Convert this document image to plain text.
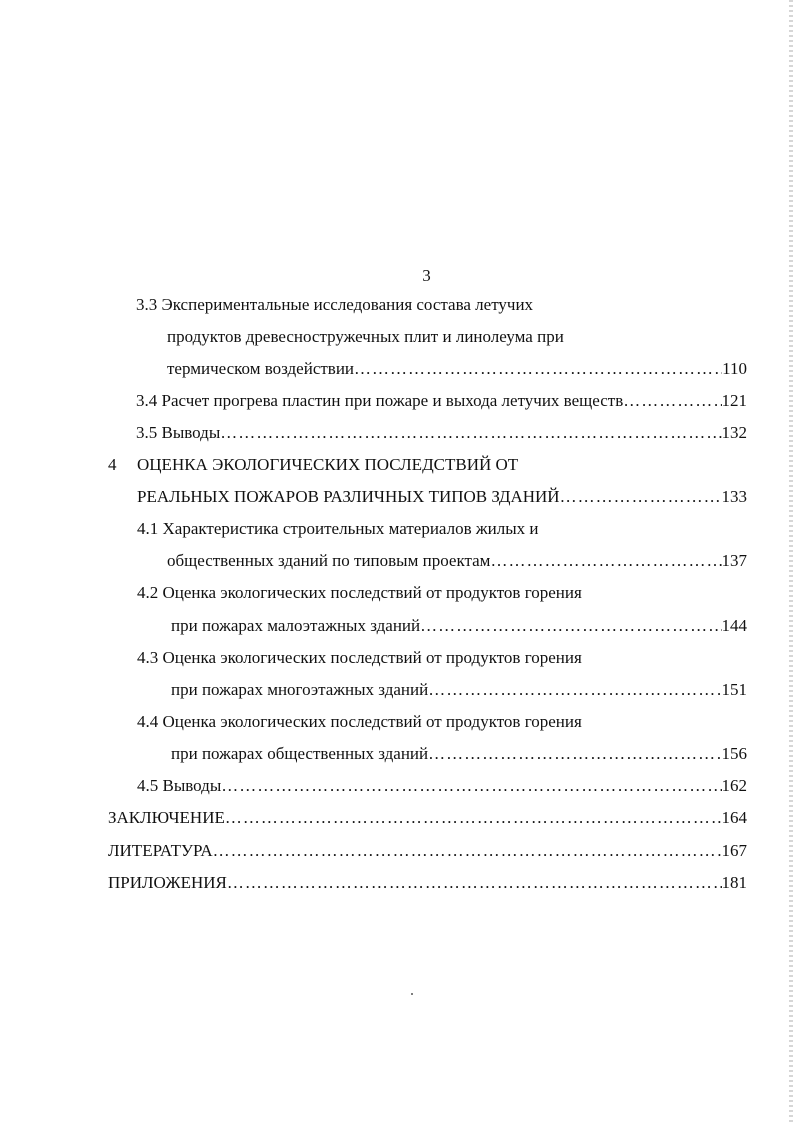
3
3.3 Экспериментальные исследования состава летучих
продуктов древесностружечных плит и линолеума при
термическом воздействии ……………………………………………………………………………………………………………………………………………………………………	110
3.4 Расчет прогрева пластин при пожаре и выхода летучих веществ ……………………………………………………………………………………………………………………………………………………………………	121
3.5 Выводы ……………………………………………………………………………………………………………………………………………………………………	132
4 ОЦЕНКА ЭКОЛОГИЧЕСКИХ ПОСЛЕДСТВИЙ ОТ
РЕАЛЬНЫХ ПОЖАРОВ РАЗЛИЧНЫХ ТИПОВ ЗДАНИЙ ……………………………………………………………………………………………………………………………………………………………………	133
4.1 Характеристика строительных материалов жилых и
общественных зданий по типовым проектам ……………………………………………………………………………………………………………………………………………………………………	137
4.2 Оценка экологических последствий от продуктов горения
при пожарах малоэтажных зданий ……………………………………………………………………………………………………………………………………………………………………	144
4.3 Оценка экологических последствий от продуктов горения
при пожарах многоэтажных зданий ……………………………………………………………………………………………………………………………………………………………………	151
4.4 Оценка экологических последствий от продуктов горения
при пожарах общественных зданий ……………………………………………………………………………………………………………………………………………………………………	156
4.5 Выводы ……………………………………………………………………………………………………………………………………………………………………	162
ЗАКЛЮЧЕНИЕ ……………………………………………………………………………………………………………………………………………………………………	164
ЛИТЕРАТУРА ……………………………………………………………………………………………………………………………………………………………………	167
ПРИЛОЖЕНИЯ ……………………………………………………………………………………………………………………………………………………………………	181
